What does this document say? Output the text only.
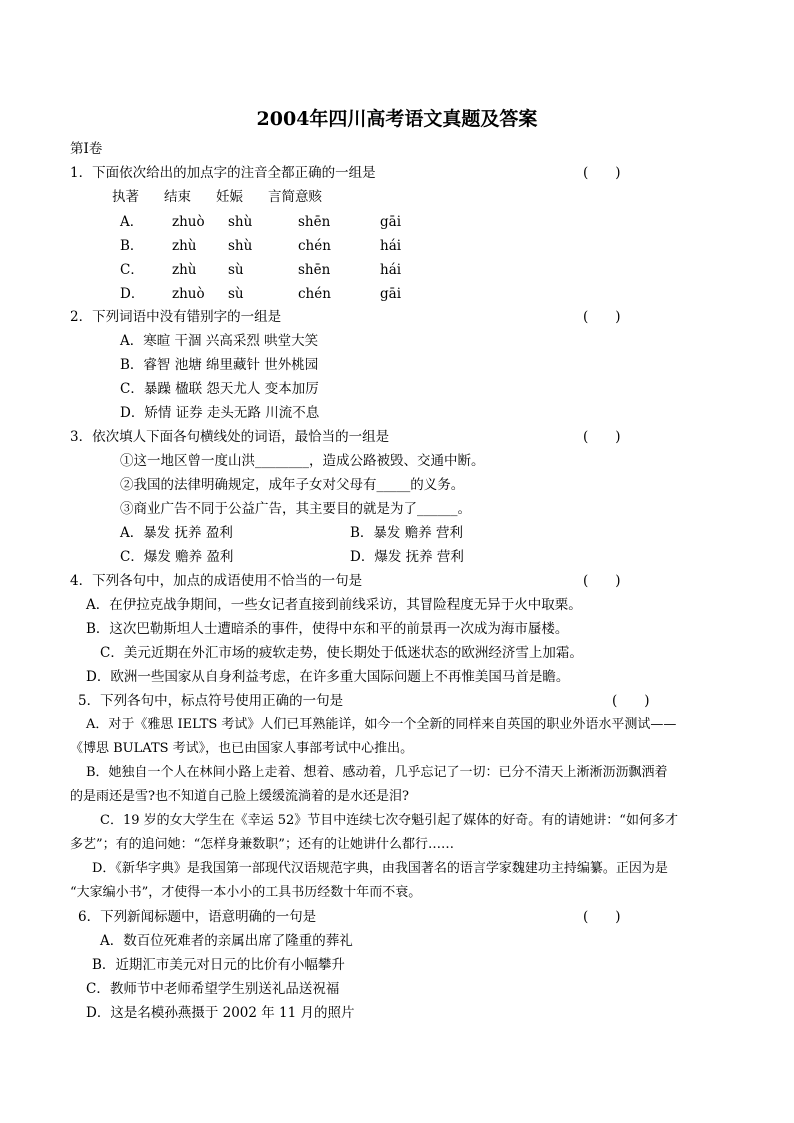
2004年四川高考语文真题及答案
第Ⅰ卷
1．下面依次给出的加点字的注音全都正确的一组是	(　　)
执著 结束 妊娠 言简意赅
A． zhuò shù	shēn	gāi
B． zhù shù	chén	hái
C． zhù sù	shēn	hái
D． zhuò sù	chén	gāi
2．下列词语中没有错别字的一组是	(　　)
A．寒暄 干涸 兴高采烈 哄堂大笑
B．睿智 池塘 绵里藏针 世外桃园
C．暴躁 楹联 怨天尤人 变本加厉
D．矫情 证券 走头无路 川流不息
3．依次填人下面各句横线处的词语，最恰当的一组是	(　　)
①这一地区曾一度山洪________，造成公路被毁、交通中断。
②我国的法律明确规定，成年子女对父母有_____的义务。
③商业广告不同于公益广告，其主要目的就是为了______。
A．暴发 抚养 盈利	B．暴发 赡养 营利
C．爆发 赡养 盈利	D．爆发 抚养 营利
4．下列各句中，加点的成语使用不恰当的一句是	(　　)
A．在伊拉克战争期间，一些女记者直接到前线采访，其冒险程度无异于火中取栗。
B．这次巴勒斯坦人士遭暗杀的事件，使得中东和平的前景再一次成为海市蜃楼。
C．美元近期在外汇市场的疲软走势，使长期处于低迷状态的欧洲经济雪上加霜。
D．欧洲一些国家从自身利益考虑，在许多重大国际问题上不再惟美国马首是瞻。
5．下列各句中，标点符号使用正确的一句是	(　　)
A．对于《雅思 IELTS 考试》人们已耳熟能详，如今一个全新的同样来自英国的职业外语水平测试——
《博思 BULATS 考试》，也已由国家人事部考试中心推出。
B．她独自一个人在林间小路上走着、想着、感动着，几乎忘记了一切：已分不清天上淅淅沥沥飘洒着
的是雨还是雪?也不知道自己脸上缓缓流淌着的是水还是泪?
C．19 岁的女大学生在《幸运 52》节目中连续七次夺魁引起了媒体的好奇。有的请她讲：“如何多才
多艺”；有的追问她：“怎样身兼数职”；还有的让她讲什么都行……
D．《新华字典》是我国第一部现代汉语规范字典，由我国著名的语言学家魏建功主持编纂。正因为是
“大家编小书”，才使得一本小小的工具书历经数十年而不衰。
6．下列新闻标题中，语意明确的一句是	(　　)
A．数百位死难者的亲属出席了隆重的葬礼
B．近期汇市美元对日元的比价有小幅攀升
C．教师节中老师希望学生别送礼品送祝福
D．这是名模孙燕摄于 2002 年 11 月的照片
